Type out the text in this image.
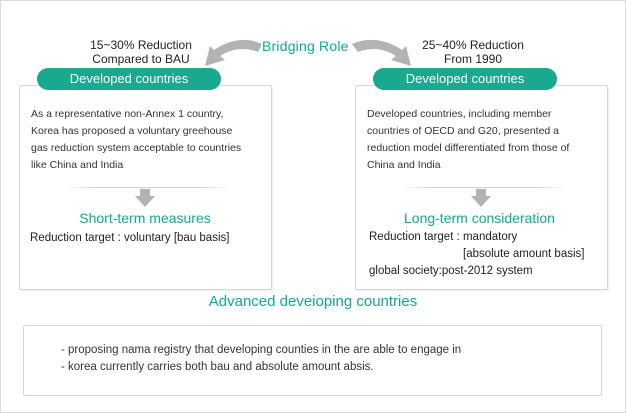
15~30% Reduction
Compared to BAU
25~40% Reduction
From 1990
Bridging Role
Developed countries
As a representative non-Annex 1 country,
Korea has proposed a voluntary greehouse
gas reduction system acceptable to countries
like China and India
Short-term measures
Reduction target : voluntary [bau basis]
Developed countries
Developed countries, including member
countries of OECD and G20, presented a
reduction model differentiated from those of
China and India
Long-term consideration
Reduction target : mandatory
[absolute amount basis]
global society:post-2012 system
Advanced deveioping countries
- proposing nama registry that developing counties in the are able to engage in
- korea currently carries both bau and absolute amount absis.
